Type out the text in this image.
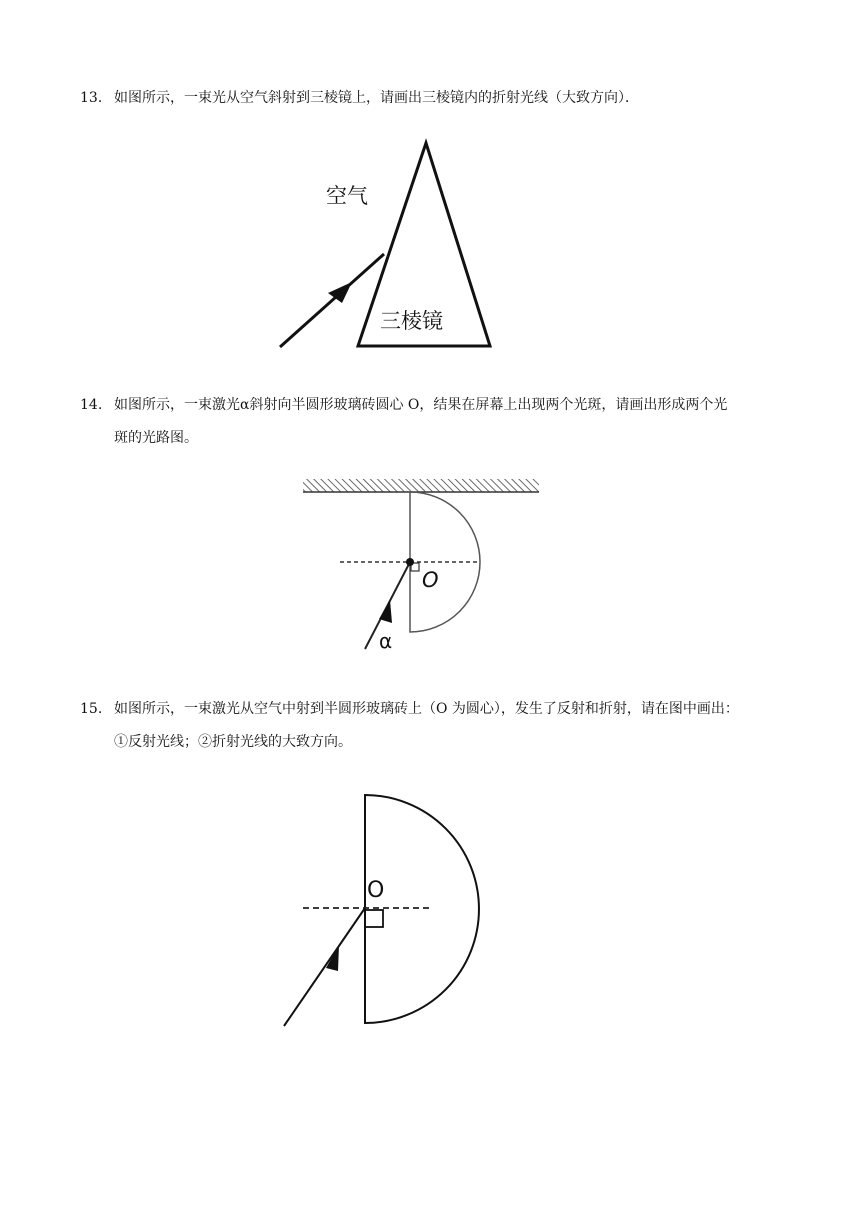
13. 如图所示，一束光从空气斜射到三棱镜上，请画出三棱镜内的折射光线（大致方向）．
空气
三棱镜
14. 如图所示，一束激光α斜射向半圆形玻璃砖圆心 O，结果在屏幕上出现两个光斑，请画出形成两个光
斑的光路图。
O
α
15. 如图所示，一束激光从空气中射到半圆形玻璃砖上（O 为圆心），发生了反射和折射，请在图中画出：
①反射光线；②折射光线的大致方向。
O
